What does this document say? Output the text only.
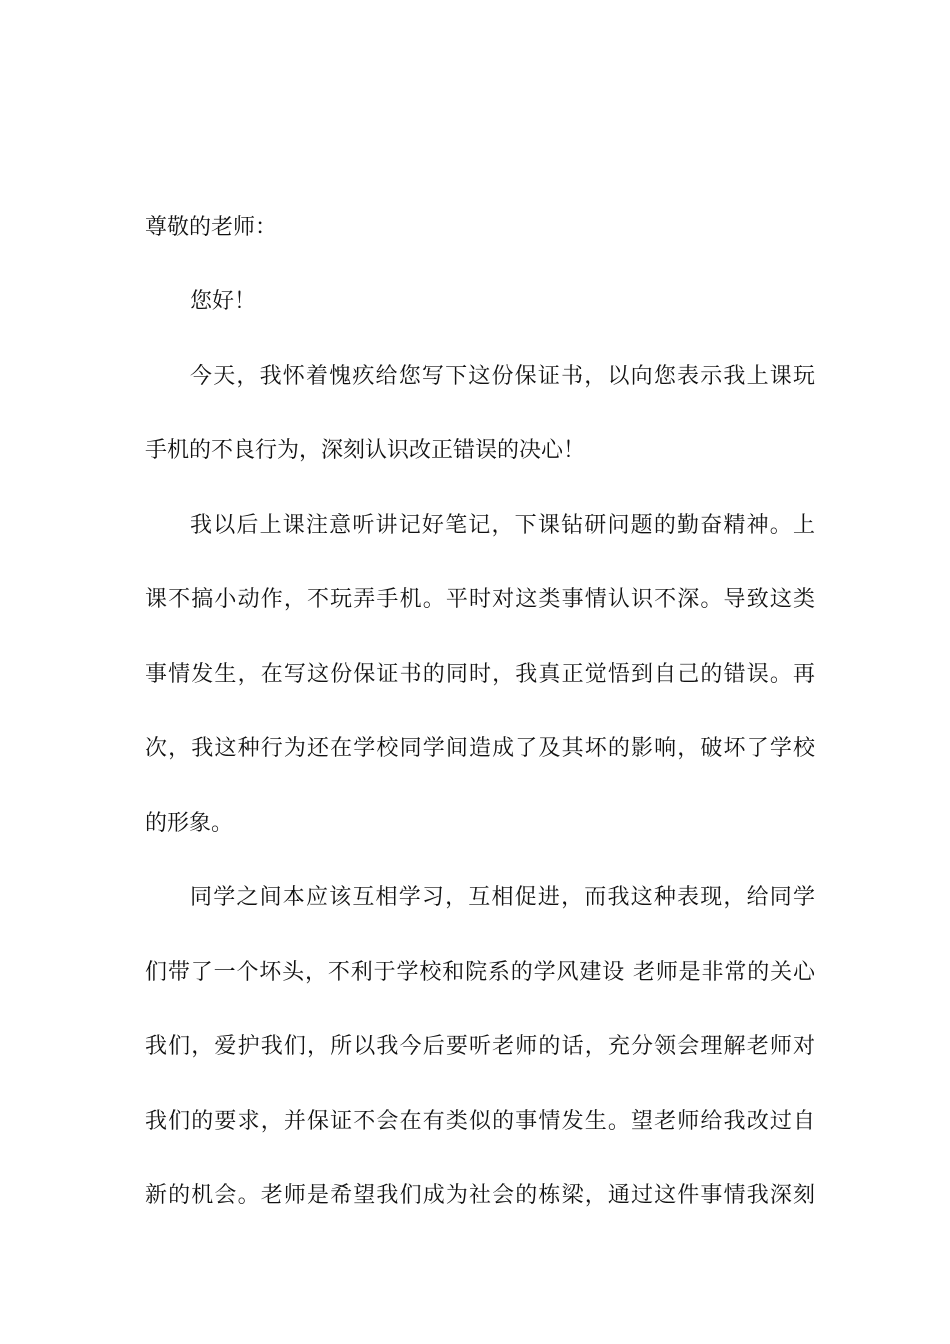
尊敬的老师：
您好！
今天，我怀着愧疚给您写下这份保证书，以向您表示我上课玩
手机的不良行为，深刻认识改正错误的决心！
我以后上课注意听讲记好笔记，下课钻研问题的勤奋精神。上
课不搞小动作，不玩弄手机。平时对这类事情认识不深。导致这类
事情发生，在写这份保证书的同时，我真正觉悟到自己的错误。再
次，我这种行为还在学校同学间造成了及其坏的影响，破坏了学校
的形象。
同学之间本应该互相学习，互相促进，而我这种表现，给同学
们带了一个坏头，不利于学校和院系的学风建设 老师是非常的关心
我们，爱护我们，所以我今后要听老师的话，充分领会理解老师对
我们的要求，并保证不会在有类似的事情发生。望老师给我改过自
新的机会。老师是希望我们成为社会的栋梁，通过这件事情我深刻
